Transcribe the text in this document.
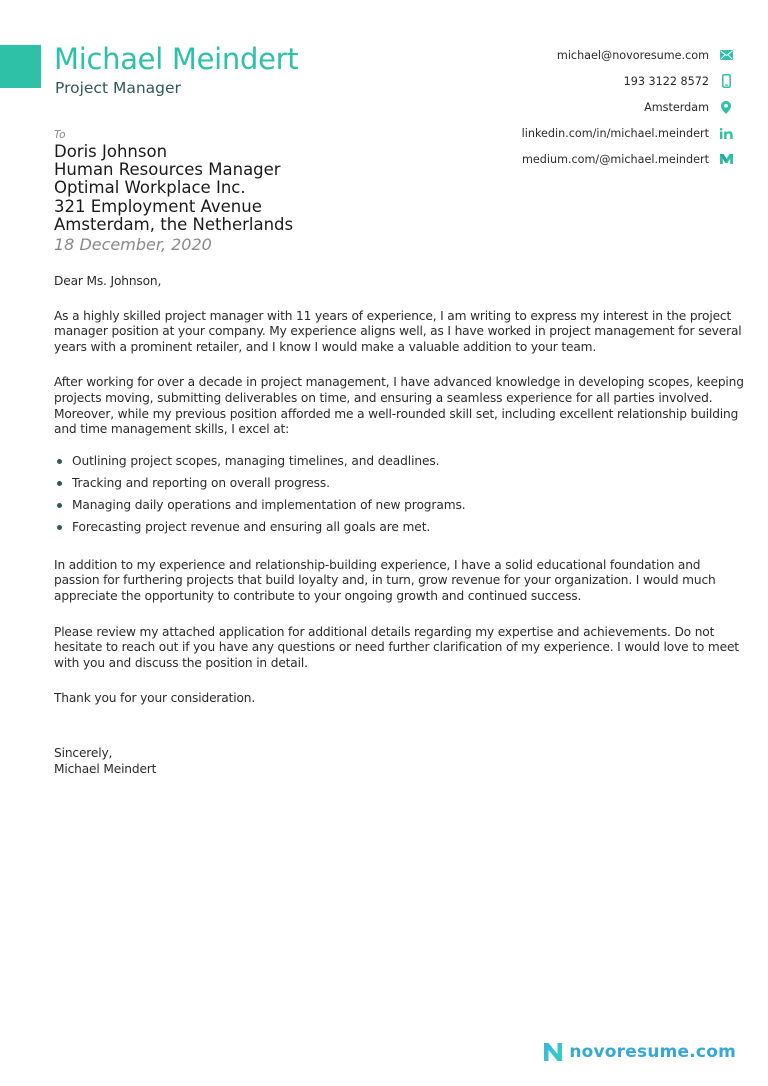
Michael Meindert
Project Manager
michael@novoresume.com
193 3122 8572
Amsterdam
linkedin.com/in/michael.meindert
medium.com/@michael.meindert
To
Doris Johnson
Human Resources Manager
Optimal Workplace Inc.
321 Employment Avenue
Amsterdam, the Netherlands
18 December, 2020

Dear Ms. Johnson,

As a highly skilled project manager with 11 years of experience, I am writing to express my interest in the project manager position at your company. My experience aligns well, as I have worked in project management for several years with a prominent retailer, and I know I would make a valuable addition to your team.

After working for over a decade in project management, I have advanced knowledge in developing scopes, keeping projects moving, submitting deliverables on time, and ensuring a seamless experience for all parties involved. Moreover, while my previous position afforded me a well-rounded skill set, including excellent relationship building and time management skills, I excel at:

Outlining project scopes, managing timelines, and deadlines.
Tracking and reporting on overall progress.
Managing daily operations and implementation of new programs.
Forecasting project revenue and ensuring all goals are met.

In addition to my experience and relationship-building experience, I have a solid educational foundation and passion for furthering projects that build loyalty and, in turn, grow revenue for your organization. I would much appreciate the opportunity to contribute to your ongoing growth and continued success.

Please review my attached application for additional details regarding my expertise and achievements. Do not hesitate to reach out if you have any questions or need further clarification of my experience. I would love to meet with you and discuss the position in detail.

Thank you for your consideration.

Sincerely,

Michael Meindert

novoresume.com
